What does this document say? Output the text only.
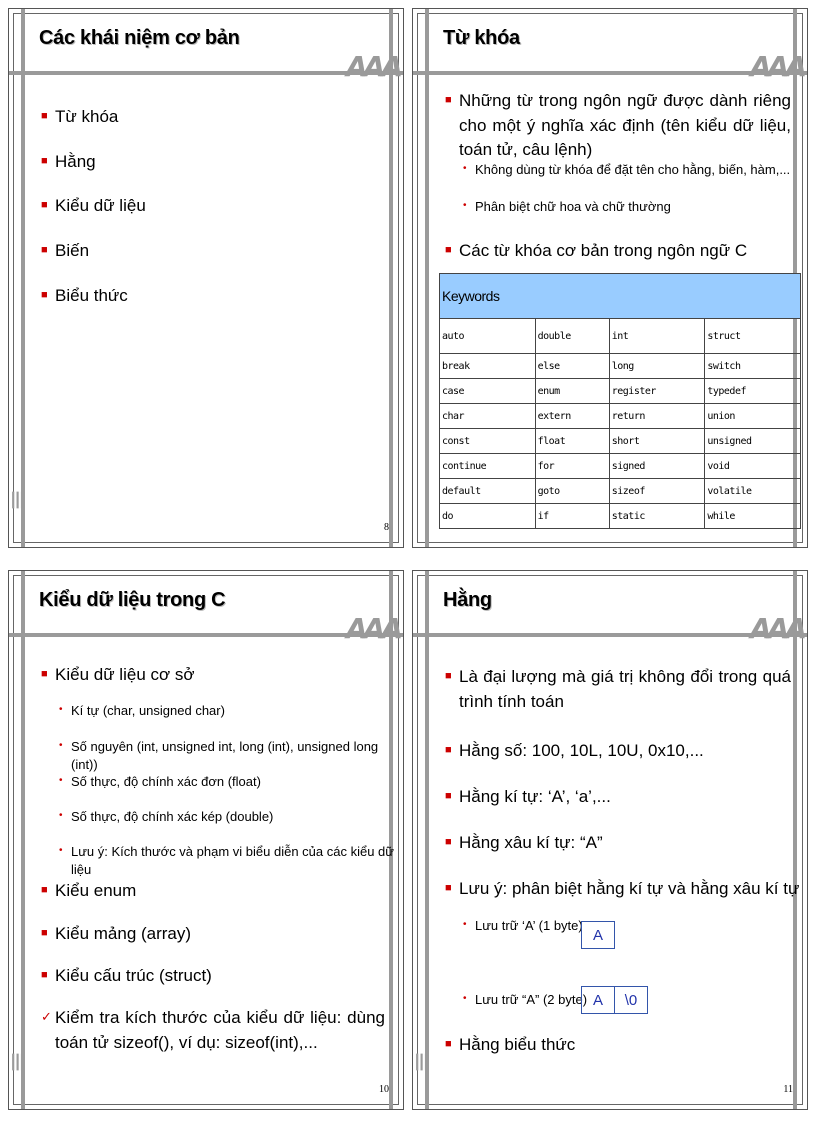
AAA
ꔖ
Các khái niệm cơ bản
■ Từ khóa
■ Hằng
■ Kiểu dữ liệu
■ Biến
■ Biểu thức
8
AAA
Từ khóa
■ Những từ trong ngôn ngữ được dành riêng cho một ý nghĩa xác định (tên kiểu dữ liệu, toán tử, câu lệnh)
• Không dùng từ khóa để đặt tên cho hằng, biến, hàm,...
• Phân biệt chữ hoa và chữ thường
■ Các từ khóa cơ bản trong ngôn ngữ C
Keywords			
auto	double	int	struct
break	else	long	switch
case	enum	register	typedef
char	extern	return	union
const	float	short	unsigned
continue	for	signed	void
default	goto	sizeof	volatile
do	if	static	while
AAA
ꔖ
Kiểu dữ liệu trong C
■ Kiểu dữ liệu cơ sở
• Kí tự (char, unsigned char)
• Số nguyên (int, unsigned int, long (int), unsigned long (int))
• Số thực, độ chính xác đơn (float)
• Số thực, độ chính xác kép (double)
• Lưu ý: Kích thước và phạm vi biểu diễn của các kiểu dữ liệu
■ Kiểu enum
■ Kiểu mảng (array)
■ Kiểu cấu trúc (struct)
✓ Kiểm tra kích thước của kiểu dữ liệu: dùng toán tử sizeof(), ví dụ: sizeof(int),...
10
AAA
ꔖ
Hằng
■ Là đại lượng mà giá trị không đổi trong quá trình tính toán
■ Hằng số: 100, 10L, 10U, 0x10,...
■ Hằng kí tự: ‘A’, ‘a’,...
■ Hằng xâu kí tự: “A”
■ Lưu ý: phân biệt hằng kí tự và hằng xâu kí tự
• Lưu trữ ‘A’ (1 byte)
A
• Lưu trữ “A” (2 byte) A	\0
■ Hằng biểu thức
11
